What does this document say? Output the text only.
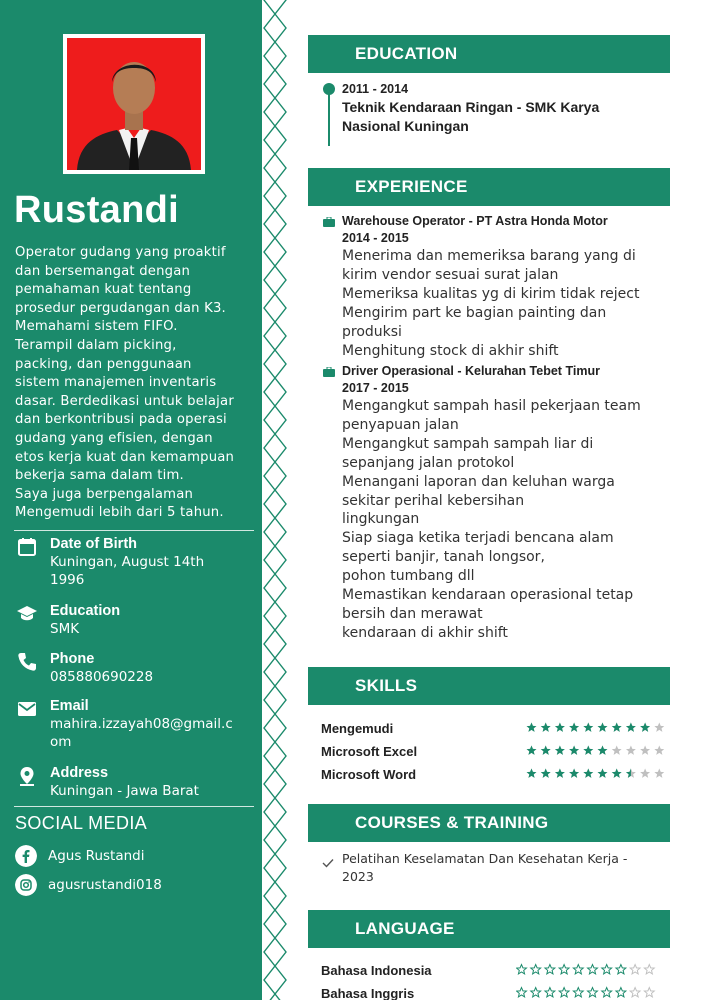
Rustandi

Operator gudang yang proaktif

dan bersemangat dengan

pemahaman kuat tentang

prosedur pergudangan dan K3.

Memahami sistem FIFO.

Terampil dalam picking,

packing, dan penggunaan

sistem manajemen inventaris

dasar. Berdedikasi untuk belajar

dan berkontribusi pada operasi

gudang yang efisien, dengan

etos kerja kuat dan kemampuan

bekerja sama dalam tim.

Saya juga berpengalaman

Mengemudi lebih dari 5 tahun.

Date of Birth
Kuningan, August 14th
1996
Education
SMK
Phone
085880690228
Email
mahira.izzayah08@gmail.c
om
Address
Kuningan - Jawa Barat
SOCIAL MEDIA
Agus Rustandi
agusrustandi018
EDUCATION
2011 - 2014
Teknik Kendaraan Ringan - SMK Karya
Nasional Kuningan
EXPERIENCE
Warehouse Operator - PT Astra Honda Motor
2014 - 2015
Menerima dan memeriksa barang yang di
kirim vendor sesuai surat jalan
Memeriksa kualitas yg di kirim tidak reject
Mengirim part ke bagian painting dan
produksi
Menghitung stock di akhir shift
Driver Operasional - Kelurahan Tebet Timur
2017 - 2015
Mengangkut sampah hasil pekerjaan team
penyapuan jalan
Mengangkut sampah sampah liar di
sepanjang jalan protokol
Menangani laporan dan keluhan warga
sekitar perihal kebersihan
lingkungan
Siap siaga ketika terjadi bencana alam
seperti banjir, tanah longsor,
pohon tumbang dll
Memastikan kendaraan operasional tetap
bersih dan merawat
kendaraan di akhir shift
SKILLS
Mengemudi
Microsoft Excel
Microsoft Word
COURSES & TRAINING
Pelatihan Keselamatan Dan Kesehatan Kerja -
2023
LANGUAGE
Bahasa Indonesia
Bahasa Inggris
